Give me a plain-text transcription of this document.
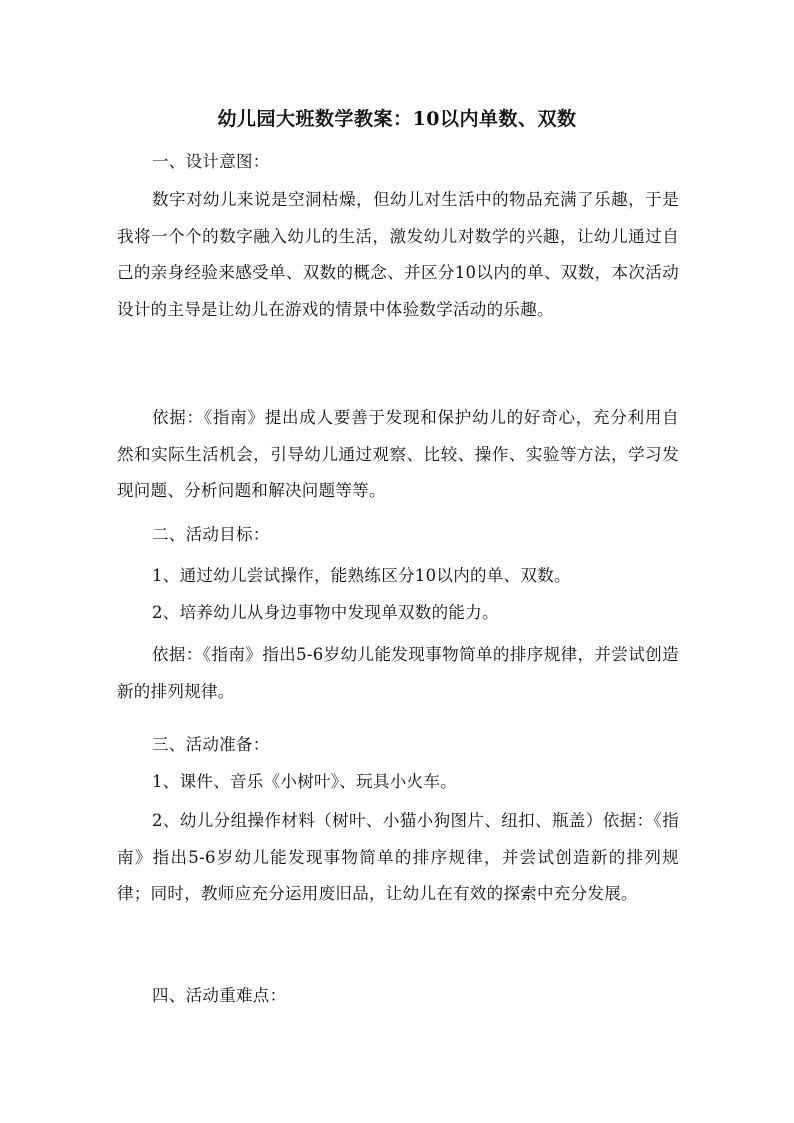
幼儿园大班数学教案：10以内单数、双数
一、设计意图：
数字对幼儿来说是空洞枯燥，但幼儿对生活中的物品充满了乐趣，于是我将一个个的数字融入幼儿的生活，激发幼儿对数学的兴趣，让幼儿通过自己的亲身经验来感受单、双数的概念、并区分10以内的单、双数，本次活动设计的主导是让幼儿在游戏的情景中体验数学活动的乐趣。
依据：《指南》提出成人要善于发现和保护幼儿的好奇心，充分利用自然和实际生活机会，引导幼儿通过观察、比较、操作、实验等方法，学习发现问题、分析问题和解决问题等等。
二、活动目标：
1、通过幼儿尝试操作，能熟练区分10以内的单、双数。
2、培养幼儿从身边事物中发现单双数的能力。
依据：《指南》指出5-6岁幼儿能发现事物简单的排序规律，并尝试创造新的排列规律。
三、活动准备：
1、课件、音乐《小树叶》、玩具小火车。
2、幼儿分组操作材料（树叶、小猫小狗图片、纽扣、瓶盖）依据：《指南》指出5-6岁幼儿能发现事物简单的排序规律，并尝试创造新的排列规律；同时，教师应充分运用废旧品，让幼儿在有效的探索中充分发展。
四、活动重难点：
